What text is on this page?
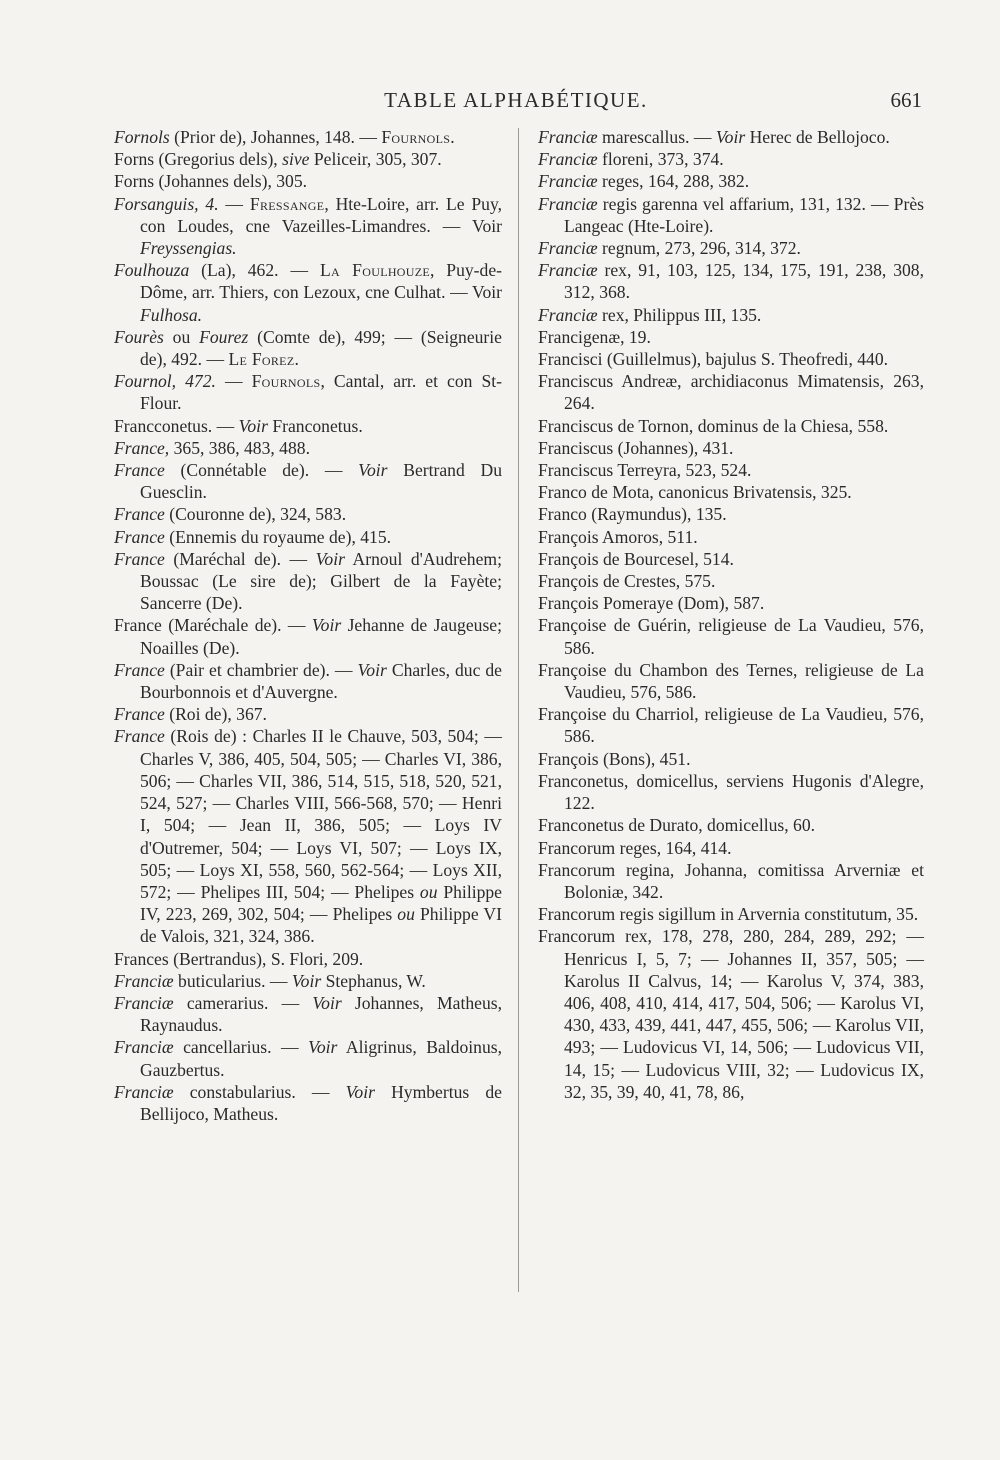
TABLE ALPHABÉTIQUE.	661

Fornols (Prior de), Johannes, 148. — Fournols.

Forns (Gregorius dels), sive Peliceir, 305, 307.

Forns (Johannes dels), 305.

Forsanguis, 4. — Fressange, Hte-Loire, arr. Le Puy, con Loudes, cne Vazeilles-Limandres. — Voir Freyssengias.

Foulhouza (La), 462. — La Foulhouze, Puy-de-Dôme, arr. Thiers, con Lezoux, cne Culhat. — Voir Fulhosa.

Fourès ou Fourez (Comte de), 499; — (Seigneurie de), 492. — Le Forez.

Fournol, 472. — Fournols, Cantal, arr. et con St-Flour.

Francconetus. — Voir Franconetus.

France, 365, 386, 483, 488.

France (Connétable de). — Voir Bertrand Du Guesclin.

France (Couronne de), 324, 583.

France (Ennemis du royaume de), 415.

France (Maréchal de). — Voir Arnoul d'Audrehem; Boussac (Le sire de); Gilbert de la Fayète; Sancerre (De).

France (Maréchale de). — Voir Jehanne de Jaugeuse; Noailles (De).

France (Pair et chambrier de). — Voir Charles, duc de Bourbonnois et d'Auvergne.

France (Roi de), 367.

France (Rois de) : Charles II le Chauve, 503, 504; — Charles V, 386, 405, 504, 505; — Charles VI, 386, 506; — Charles VII, 386, 514, 515, 518, 520, 521, 524, 527; — Charles VIII, 566-568, 570; — Henri I, 504; — Jean II, 386, 505; — Loys IV d'Outremer, 504; — Loys VI, 507; — Loys IX, 505; — Loys XI, 558, 560, 562-564; — Loys XII, 572; — Phelipes III, 504; — Phelipes ou Philippe IV, 223, 269, 302, 504; — Phelipes ou Philippe VI de Valois, 321, 324, 386.

Frances (Bertrandus), S. Flori, 209.

Franciæ buticularius. — Voir Stephanus, W.

Franciæ camerarius. — Voir Johannes, Matheus, Raynaudus.

Franciæ cancellarius. — Voir Aligrinus, Baldoinus, Gauzbertus.

Franciæ constabularius. — Voir Hymbertus de Bellijoco, Matheus.

Franciæ marescallus. — Voir Herec de Bellojoco.

Franciæ floreni, 373, 374.

Franciæ reges, 164, 288, 382.

Franciæ regis garenna vel affarium, 131, 132. — Près Langeac (Hte-Loire).

Franciæ regnum, 273, 296, 314, 372.

Franciæ rex, 91, 103, 125, 134, 175, 191, 238, 308, 312, 368.

Franciæ rex, Philippus III, 135.

Francigenæ, 19.

Francisci (Guillelmus), bajulus S. Theofredi, 440.

Franciscus Andreæ, archidiaconus Mimatensis, 263, 264.

Franciscus de Tornon, dominus de la Chiesa, 558.

Franciscus (Johannes), 431.

Franciscus Terreyra, 523, 524.

Franco de Mota, canonicus Brivatensis, 325.

Franco (Raymundus), 135.

François Amoros, 511.

François de Bourcesel, 514.

François de Crestes, 575.

François Pomeraye (Dom), 587.

Françoise de Guérin, religieuse de La Vaudieu, 576, 586.

Françoise du Chambon des Ternes, religieuse de La Vaudieu, 576, 586.

Françoise du Charriol, religieuse de La Vaudieu, 576, 586.

François (Bons), 451.

Franconetus, domicellus, serviens Hugonis d'Alegre, 122.

Franconetus de Durato, domicellus, 60.

Francorum reges, 164, 414.

Francorum regina, Johanna, comitissa Arverniæ et Boloniæ, 342.

Francorum regis sigillum in Arvernia constitutum, 35.

Francorum rex, 178, 278, 280, 284, 289, 292; — Henricus I, 5, 7; — Johannes II, 357, 505; — Karolus II Calvus, 14; — Karolus V, 374, 383, 406, 408, 410, 414, 417, 504, 506; — Karolus VI, 430, 433, 439, 441, 447, 455, 506; — Karolus VII, 493; — Ludovicus VI, 14, 506; — Ludovicus VII, 14, 15; — Ludovicus VIII, 32; — Ludovicus IX, 32, 35, 39, 40, 41, 78, 86,
